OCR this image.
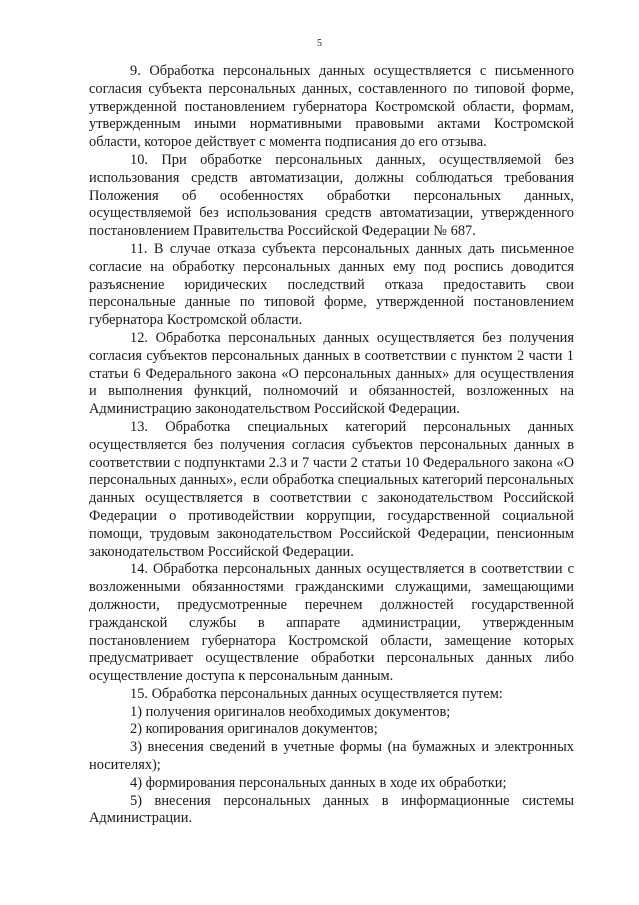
5

9. Обработка персональных данных осуществляется с письменного согласия субъекта персональных данных, составленного по типовой форме, утвержденной постановлением губернатора Костромской области, формам, утвержденным иными нормативными правовыми актами Костромской области, которое действует с момента подписания до его отзыва.

10. При обработке персональных данных, осуществляемой без использования средств автоматизации, должны соблюдаться требования Положения об особенностях обработки персональных данных, осуществляемой без использования средств автоматизации, утвержденного постановлением Правительства Российской Федерации № 687.

11. В случае отказа субъекта персональных данных дать письменное согласие на обработку персональных данных ему под роспись доводится разъяснение юридических последствий отказа предоставить свои персональные данные по типовой форме, утвержденной постановлением губернатора Костромской области.

12. Обработка персональных данных осуществляется без получения согласия субъектов персональных данных в соответствии с пунктом 2 части 1 статьи 6 Федерального закона «О персональных данных» для осуществления и выполнения функций, полномочий и обязанностей, возложенных на Администрацию законодательством Российской Федерации.

13. Обработка специальных категорий персональных данных осуществляется без получения согласия субъектов персональных данных в соответствии с подпунктами 2.3 и 7 части 2 статьи 10 Федерального закона «О персональных данных», если обработка специальных категорий персональных данных осуществляется в соответствии с законодательством Российской Федерации о противодействии коррупции, государственной социальной помощи, трудовым законодательством Российской Федерации, пенсионным законодательством Российской Федерации.

14. Обработка персональных данных осуществляется в соответствии с возложенными обязанностями гражданскими служащими, замещающими должности, предусмотренные перечнем должностей государственной гражданской службы в аппарате администрации, утвержденным постановлением губернатора Костромской области, замещение которых предусматривает осуществление обработки персональных данных либо осуществление доступа к персональным данным.

15. Обработка персональных данных осуществляется путем:

1) получения оригиналов необходимых документов;

2) копирования оригиналов документов;

3) внесения сведений в учетные формы (на бумажных и электронных носителях);

4) формирования персональных данных в ходе их обработки;

5) внесения персональных данных в информационные системы Администрации.
